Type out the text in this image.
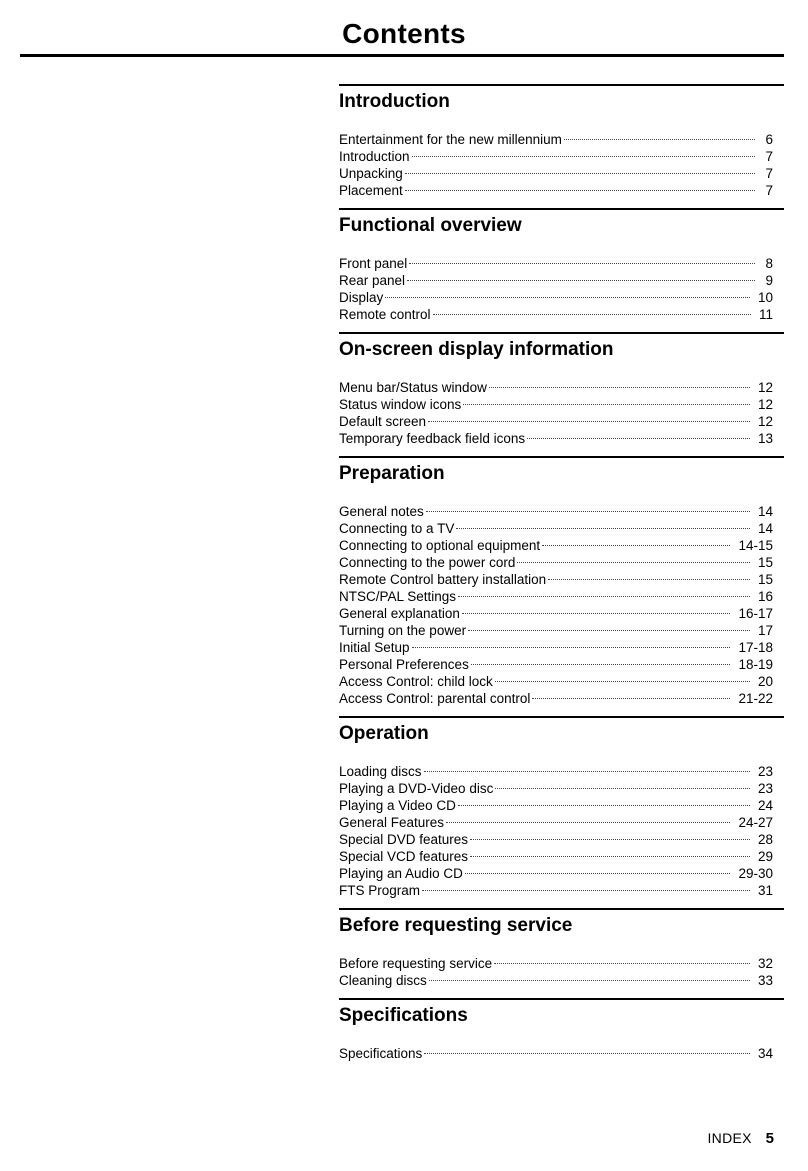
Contents
Introduction
Entertainment for the new millennium	6
Introduction	7
Unpacking	7
Placement	7
Functional overview
Front panel	8
Rear panel	9
Display	10
Remote control	11
On-screen display information
Menu bar/Status window	12
Status window icons	12
Default screen	12
Temporary feedback field icons	13
Preparation
General notes	14
Connecting to a TV	14
Connecting to optional equipment	14-15
Connecting to the power cord	15
Remote Control battery installation	15
NTSC/PAL Settings	16
General explanation	16-17
Turning on the power	17
Initial Setup	17-18
Personal Preferences	18-19
Access Control: child lock	20
Access Control: parental control	21-22
Operation
Loading discs	23
Playing a DVD-Video disc	23
Playing a Video CD	24
General Features	24-27
Special DVD features	28
Special VCD features	29
Playing an Audio CD	29-30
FTS Program	31
Before requesting service
Before requesting service	32
Cleaning discs	33
Specifications
Specifications	34
INDEX 5
